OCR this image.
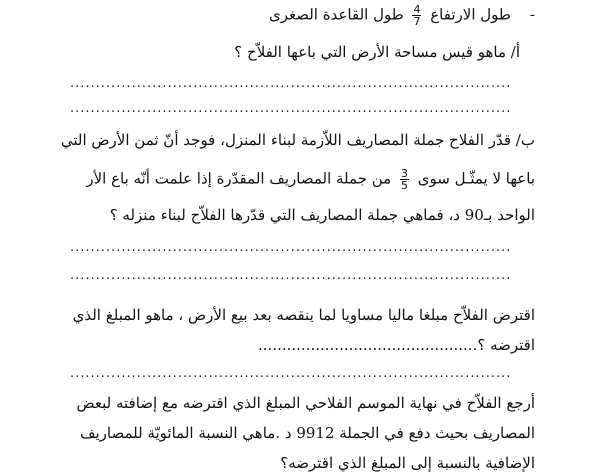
-    طول الارتفاع
$\frac{4}{7}$
طول القاعدة الصغرى
أ/ ماهو قيس مساحة الأرض التي باعها الفلاّح ؟
......................................................................................
......................................................................................
ب/ قدّر الفلاح جملة المصاريف اللاّزمة لبناء المنزل، فوجد أنّ ثمن الأرض التي
باعها لا يمثّـل سوى
$\frac{3}{5}$
من جملة المصاريف المقدّرة إذا علمت أنّه باع الأر
الواحد بـ90 د، فماهي جملة المصاريف التي قدّرها الفلاّح لبناء منزله ؟
......................................................................................
......................................................................................
اقترض الفلاّح مبلغا ماليا مساويا لما ينقصه بعد بيع الأرض ، ماهو المبلغ الذي
اقترضه ؟..............................................
......................................................................................
أرجع الفلاّح في نهاية الموسم الفلاحي المبلغ الذي اقترضه مع إضافته لبعض
المصاريف بحيث دفع في الجملة 9912 د .ماهي النسبة المائويّة للمصاريف
الإضافية بالنسبة إلى المبلغ الذي اقترضه؟
